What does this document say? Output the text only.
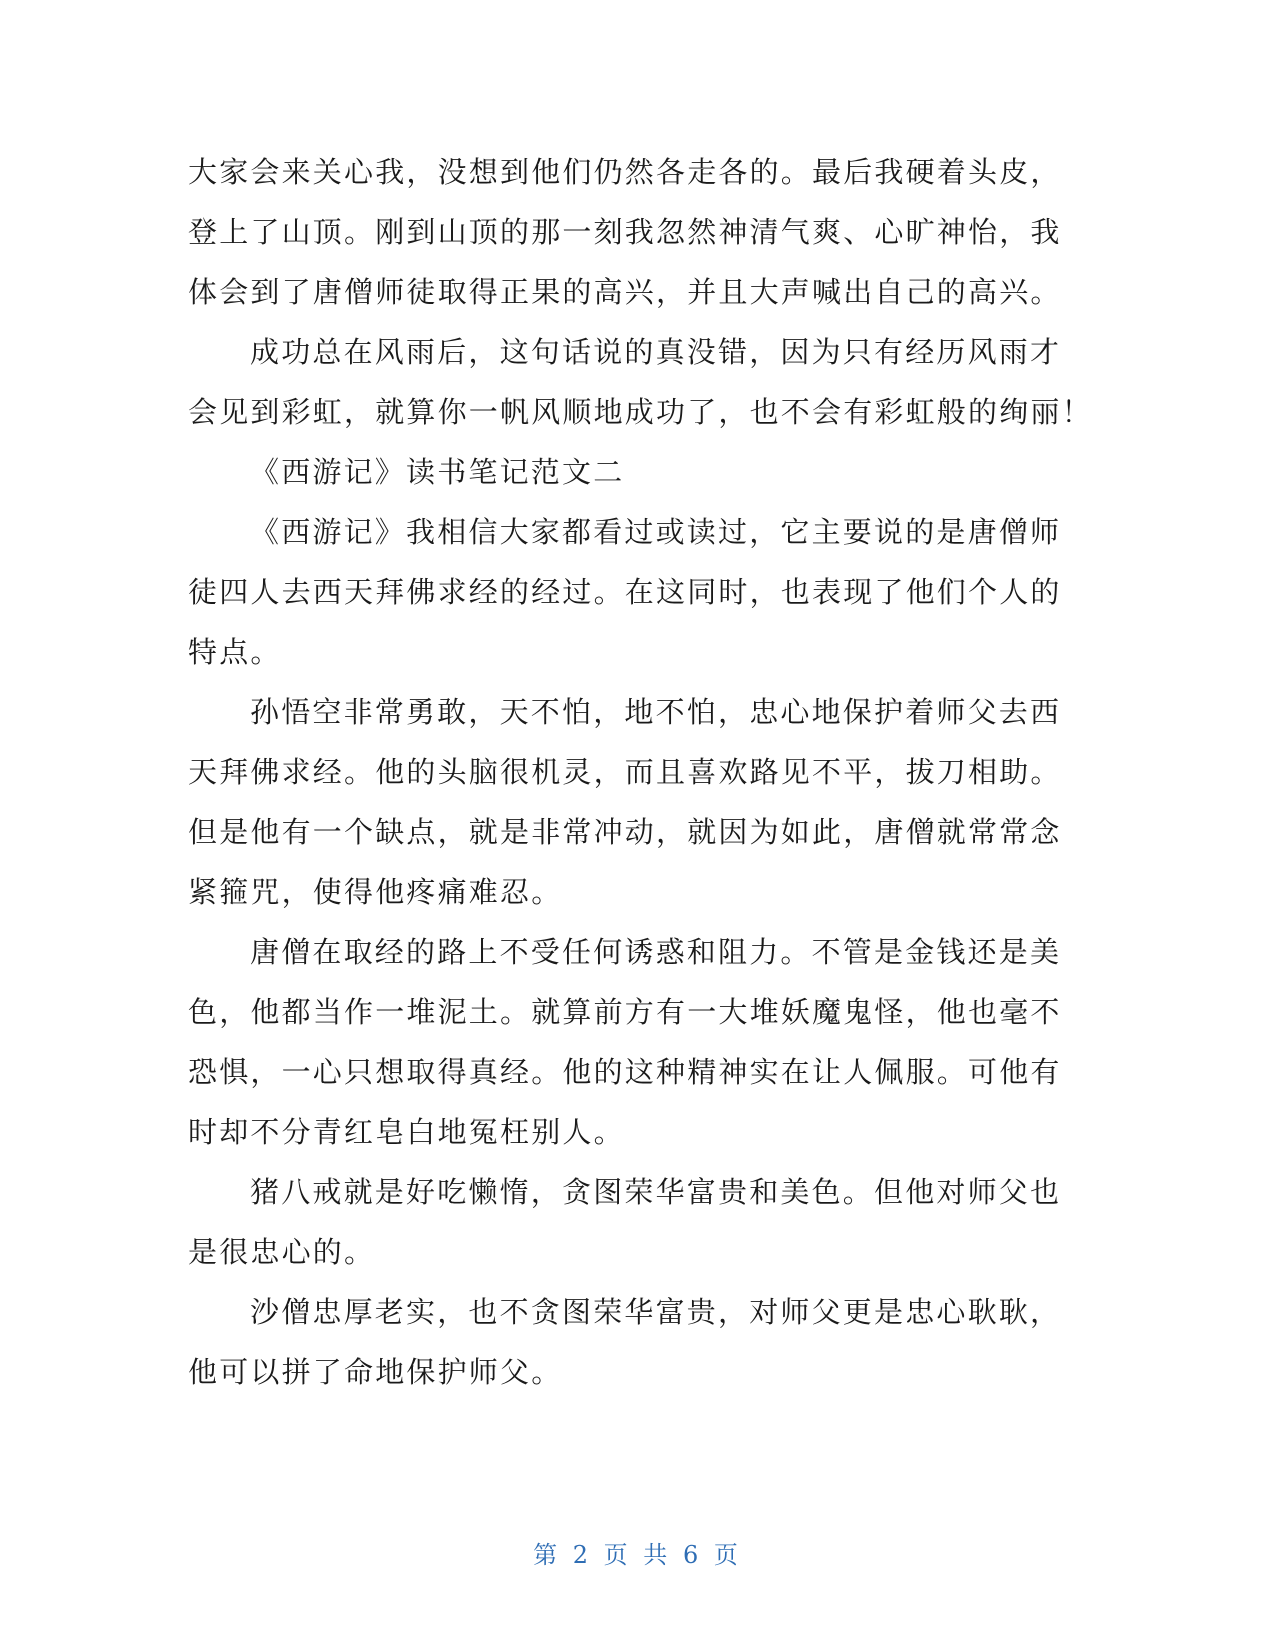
大家会来关心我，没想到他们仍然各走各的。最后我硬着头皮，
登上了山顶。刚到山顶的那一刻我忽然神清气爽、心旷神怡，我
体会到了唐僧师徒取得正果的高兴，并且大声喊出自己的高兴。
成功总在风雨后，这句话说的真没错，因为只有经历风雨才
会见到彩虹，就算你一帆风顺地成功了，也不会有彩虹般的绚丽！
《西游记》读书笔记范文二
《西游记》我相信大家都看过或读过，它主要说的是唐僧师
徒四人去西天拜佛求经的经过。在这同时，也表现了他们个人的
特点。
孙悟空非常勇敢，天不怕，地不怕，忠心地保护着师父去西
天拜佛求经。他的头脑很机灵，而且喜欢路见不平，拔刀相助。
但是他有一个缺点，就是非常冲动，就因为如此，唐僧就常常念
紧箍咒，使得他疼痛难忍。
唐僧在取经的路上不受任何诱惑和阻力。不管是金钱还是美
色，他都当作一堆泥土。就算前方有一大堆妖魔鬼怪，他也毫不
恐惧，一心只想取得真经。他的这种精神实在让人佩服。可他有
时却不分青红皂白地冤枉别人。
猪八戒就是好吃懒惰，贪图荣华富贵和美色。但他对师父也
是很忠心的。
沙僧忠厚老实，也不贪图荣华富贵，对师父更是忠心耿耿，
他可以拼了命地保护师父。
第 2 页 共 6 页
